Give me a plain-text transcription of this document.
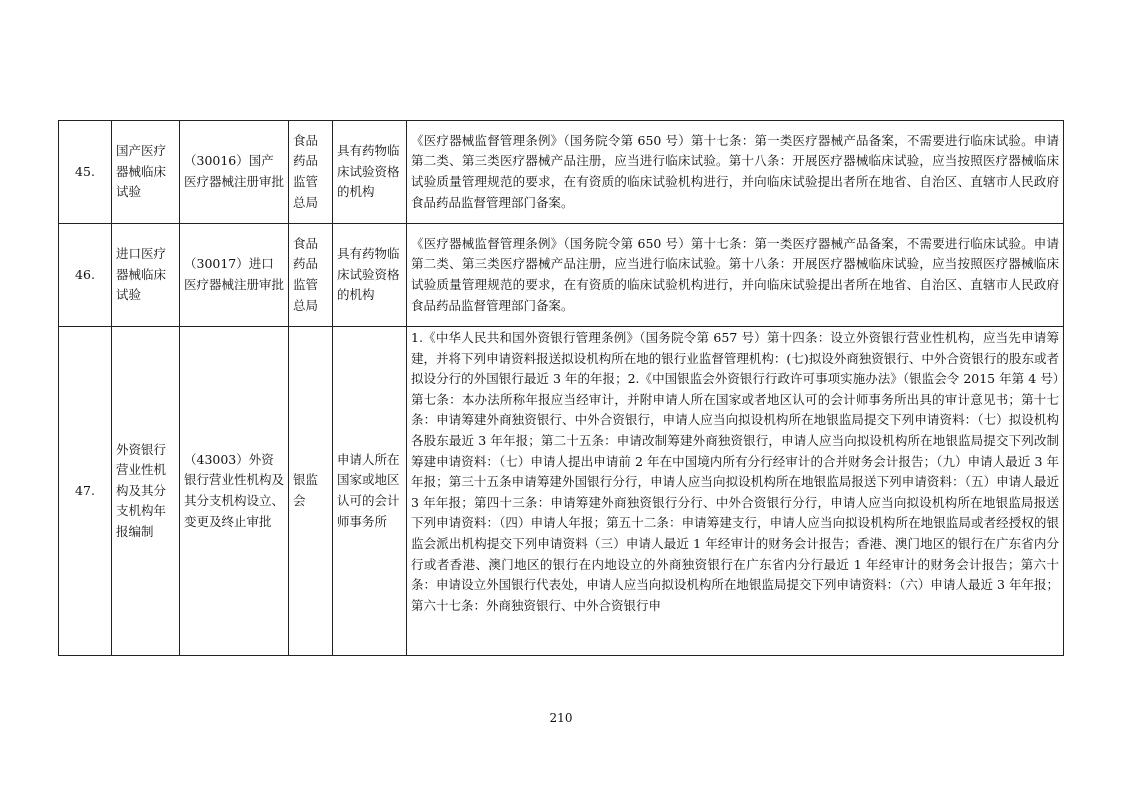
45.	国产医疗器械临床试验	（30016）国产医疗器械注册审批	食品药品监管总局	具有药物临床试验资格的机构	《医疗器械监督管理条例》（国务院令第 650 号）第十七条：第一类医疗器械产品备案，不需要进行临床试验。申请第二类、第三类医疗器械产品注册，应当进行临床试验。第十八条：开展医疗器械临床试验，应当按照医疗器械临床试验质量管理规范的要求，在有资质的临床试验机构进行，并向临床试验提出者所在地省、自治区、直辖市人民政府食品药品监督管理部门备案。

46.	进口医疗器械临床试验	（30017）进口医疗器械注册审批	食品药品监管总局	具有药物临床试验资格的机构	《医疗器械监督管理条例》（国务院令第 650 号）第十七条：第一类医疗器械产品备案，不需要进行临床试验。申请第二类、第三类医疗器械产品注册，应当进行临床试验。第十八条：开展医疗器械临床试验，应当按照医疗器械临床试验质量管理规范的要求，在有资质的临床试验机构进行，并向临床试验提出者所在地省、自治区、直辖市人民政府食品药品监督管理部门备案。

47.	外资银行营业性机构及其分支机构年报编制	（43003）外资银行营业性机构及其分支机构设立、变更及终止审批	银监会	申请人所在国家或地区认可的会计师事务所	1.《中华人民共和国外资银行管理条例》（国务院令第 657 号）第十四条：设立外资银行营业性机构，应当先申请筹建，并将下列申请资料报送拟设机构所在地的银行业监督管理机构：(七)拟设外商独资银行、中外合资银行的股东或者拟设分行的外国银行最近 3 年的年报；2.《中国银监会外资银行行政许可事项实施办法》（银监会令 2015 年第 4 号）第七条：本办法所称年报应当经审计，并附申请人所在国家或者地区认可的会计师事务所出具的审计意见书；第十七条：申请筹建外商独资银行、中外合资银行，申请人应当向拟设机构所在地银监局提交下列申请资料：（七）拟设机构各股东最近 3 年年报；第二十五条：申请改制筹建外商独资银行，申请人应当向拟设机构所在地银监局提交下列改制筹建申请资料：（七）申请人提出申请前 2 年在中国境内所有分行经审计的合并财务会计报告；（九）申请人最近 3 年年报；第三十五条申请筹建外国银行分行，申请人应当向拟设机构所在地银监局报送下列申请资料：（五）申请人最近 3 年年报；第四十三条：申请筹建外商独资银行分行、中外合资银行分行，申请人应当向拟设机构所在地银监局报送下列申请资料：（四）申请人年报；第五十二条：申请筹建支行，申请人应当向拟设机构所在地银监局或者经授权的银监会派出机构提交下列申请资料（三）申请人最近 1 年经审计的财务会计报告；香港、澳门地区的银行在广东省内分行或者香港、澳门地区的银行在内地设立的外商独资银行在广东省内分行最近 1 年经审计的财务会计报告；第六十条：申请设立外国银行代表处，申请人应当向拟设机构所在地银监局提交下列申请资料：（六）申请人最近 3 年年报；第六十七条：外商独资银行、中外合资银行申
210
